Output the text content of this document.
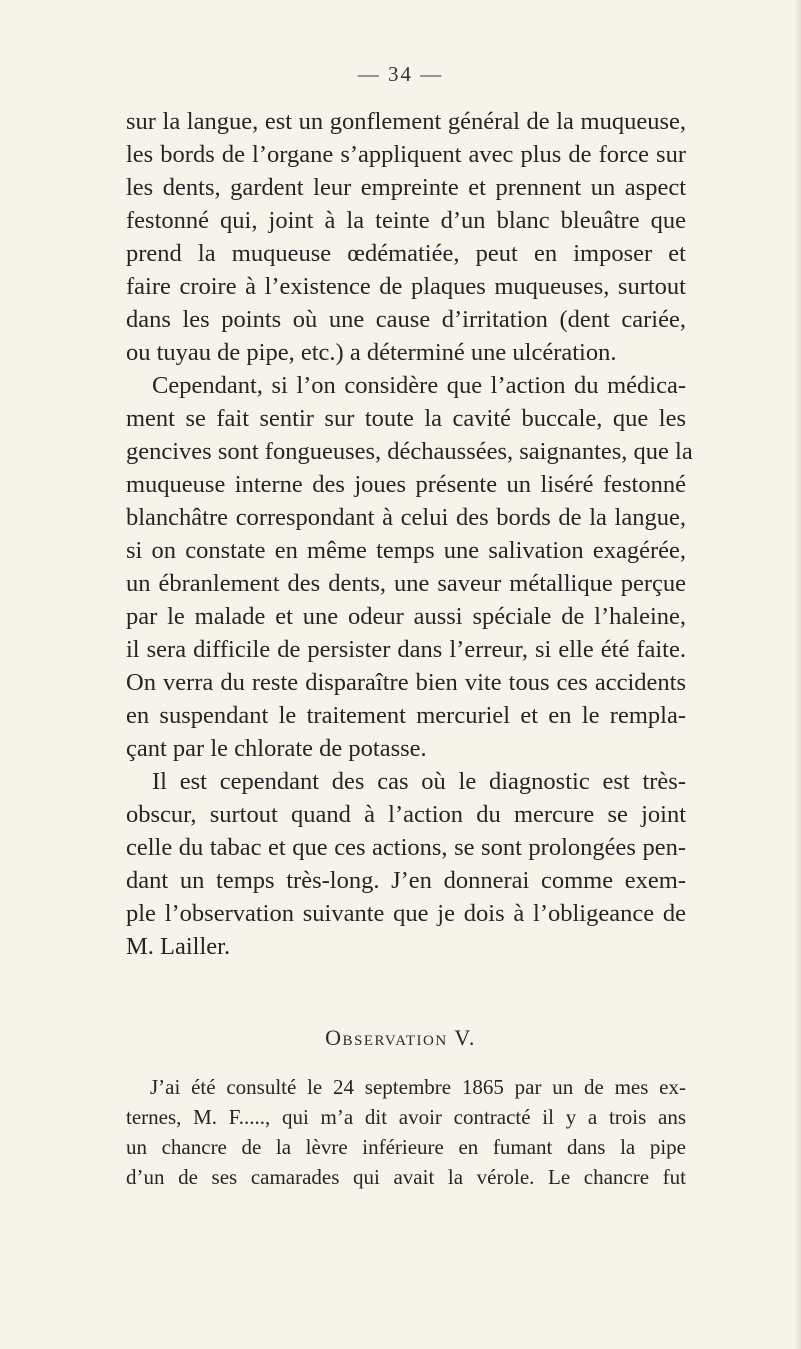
— 34 —
sur la langue, est un gonflement général de la muqueuse,
les bords de l’organe s’appliquent avec plus de force sur
les dents, gardent leur empreinte et prennent un aspect
festonné qui, joint à la teinte d’un blanc bleuâtre que
prend la muqueuse œdématiée, peut en imposer et
faire croire à l’existence de plaques muqueuses, surtout
dans les points où une cause d’irritation (dent cariée,
ou tuyau de pipe, etc.) a déterminé une ulcération.
Cependant, si l’on considère que l’action du médica-
ment se fait sentir sur toute la cavité buccale, que les
gencives sont fongueuses, déchaussées, saignantes, que la
muqueuse interne des joues présente un liséré festonné
blanchâtre correspondant à celui des bords de la langue,
si on constate en même temps une salivation exagérée,
un ébranlement des dents, une saveur métallique perçue
par le malade et une odeur aussi spéciale de l’haleine,
il sera difficile de persister dans l’erreur, si elle été faite.
On verra du reste disparaître bien vite tous ces accidents
en suspendant le traitement mercuriel et en le rempla-
çant par le chlorate de potasse.
Il est cependant des cas où le diagnostic est très-
obscur, surtout quand à l’action du mercure se joint
celle du tabac et que ces actions, se sont prolongées pen-
dant un temps très-long. J’en donnerai comme exem-
ple l’observation suivante que je dois à l’obligeance de
M. Lailler.
Observation V.
J’ai été consulté le 24 septembre 1865 par un de mes ex-
ternes, M. F....., qui m’a dit avoir contracté il y a trois ans
un chancre de la lèvre inférieure en fumant dans la pipe
d’un de ses camarades qui avait la vérole. Le chancre fut
